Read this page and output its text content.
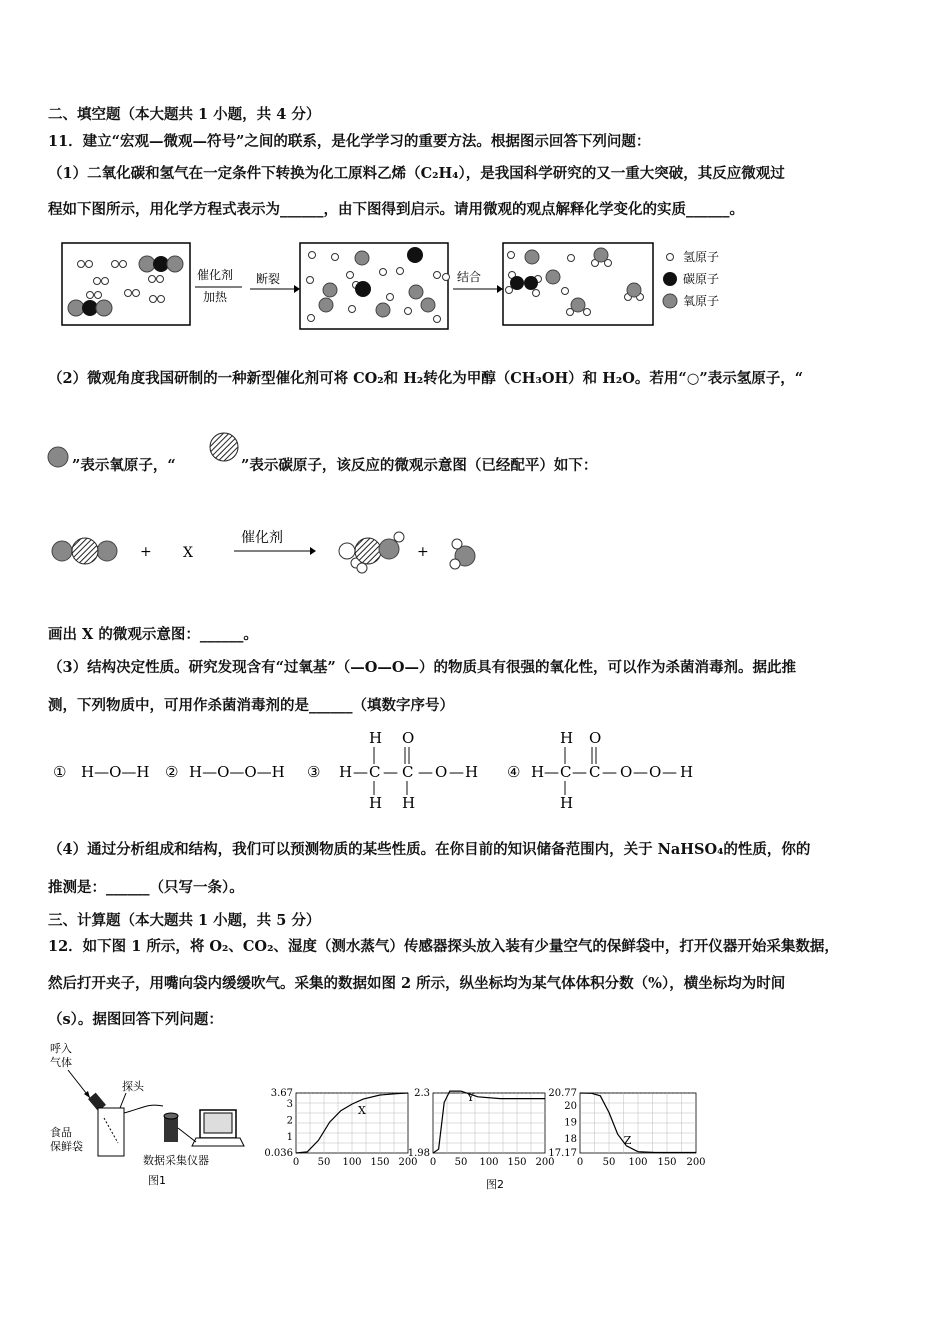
二、填空题（本大题共 1 小题，共 4 分）
11．建立“宏观—微观—符号”之间的联系，是化学学习的重要方法。根据图示回答下列问题：
（1）二氧化碳和氢气在一定条件下转换为化工原料乙烯（C₂H₄），是我国科学研究的又一重大突破，其反应微观过
程如下图所示，用化学方程式表示为______，由下图得到启示。请用微观的观点解释化学变化的实质______。
催化剂
加热
断裂	结合
氢原子
碳原子
氧原子
（2）微观角度我国研制的一种新型催化剂可将 CO₂和 H₂转化为甲醇（CH₃OH）和 H₂O。若用“○”表示氢原子，“
”表示氧原子，“	”表示碳原子，该反应的微观示意图（已经配平）如下：
+ X
催化剂
+
画出 X 的微观示意图：______。
（3）结构决定性质。研究发现含有“过氧基”（—O—O—）的物质具有很强的氧化性，可以作为杀菌消毒剂。据此推
测，下列物质中，可用作杀菌消毒剂的是______（填数字序号）
① H—O—H ② H—O—O—H ③ H — C
H
H
— C
O
H
— O — H ④ H — C
H
H
— C
O
— O — O — H
（4）通过分析组成和结构，我们可以预测物质的某些性质。在你目前的知识储备范围内，关于 NaHSO₄的性质，你的
推测是：______（只写一条）。
三、计算题（本大题共 1 小题，共 5 分）
12．如下图 1 所示，将 O₂、CO₂、湿度（测水蒸气）传感器探头放入装有少量空气的保鲜袋中，打开仪器开始采集数据，
然后打开夹子，用嘴向袋内缓缓吹气。采集的数据如图 2 所示，纵坐标均为某气体体积分数（%），横坐标均为时间
（s）。据图回答下列问题：
呼入
气体
探头
食品
保鲜袋
数据采集仪器
图1
3.67
3
2
1
0.036
0 50 100 150 200
X
2.3
1.98
0 50 100 150 200
Y	20.77
20
19
18
17.17
0 50 100 150 200
Z
图2
